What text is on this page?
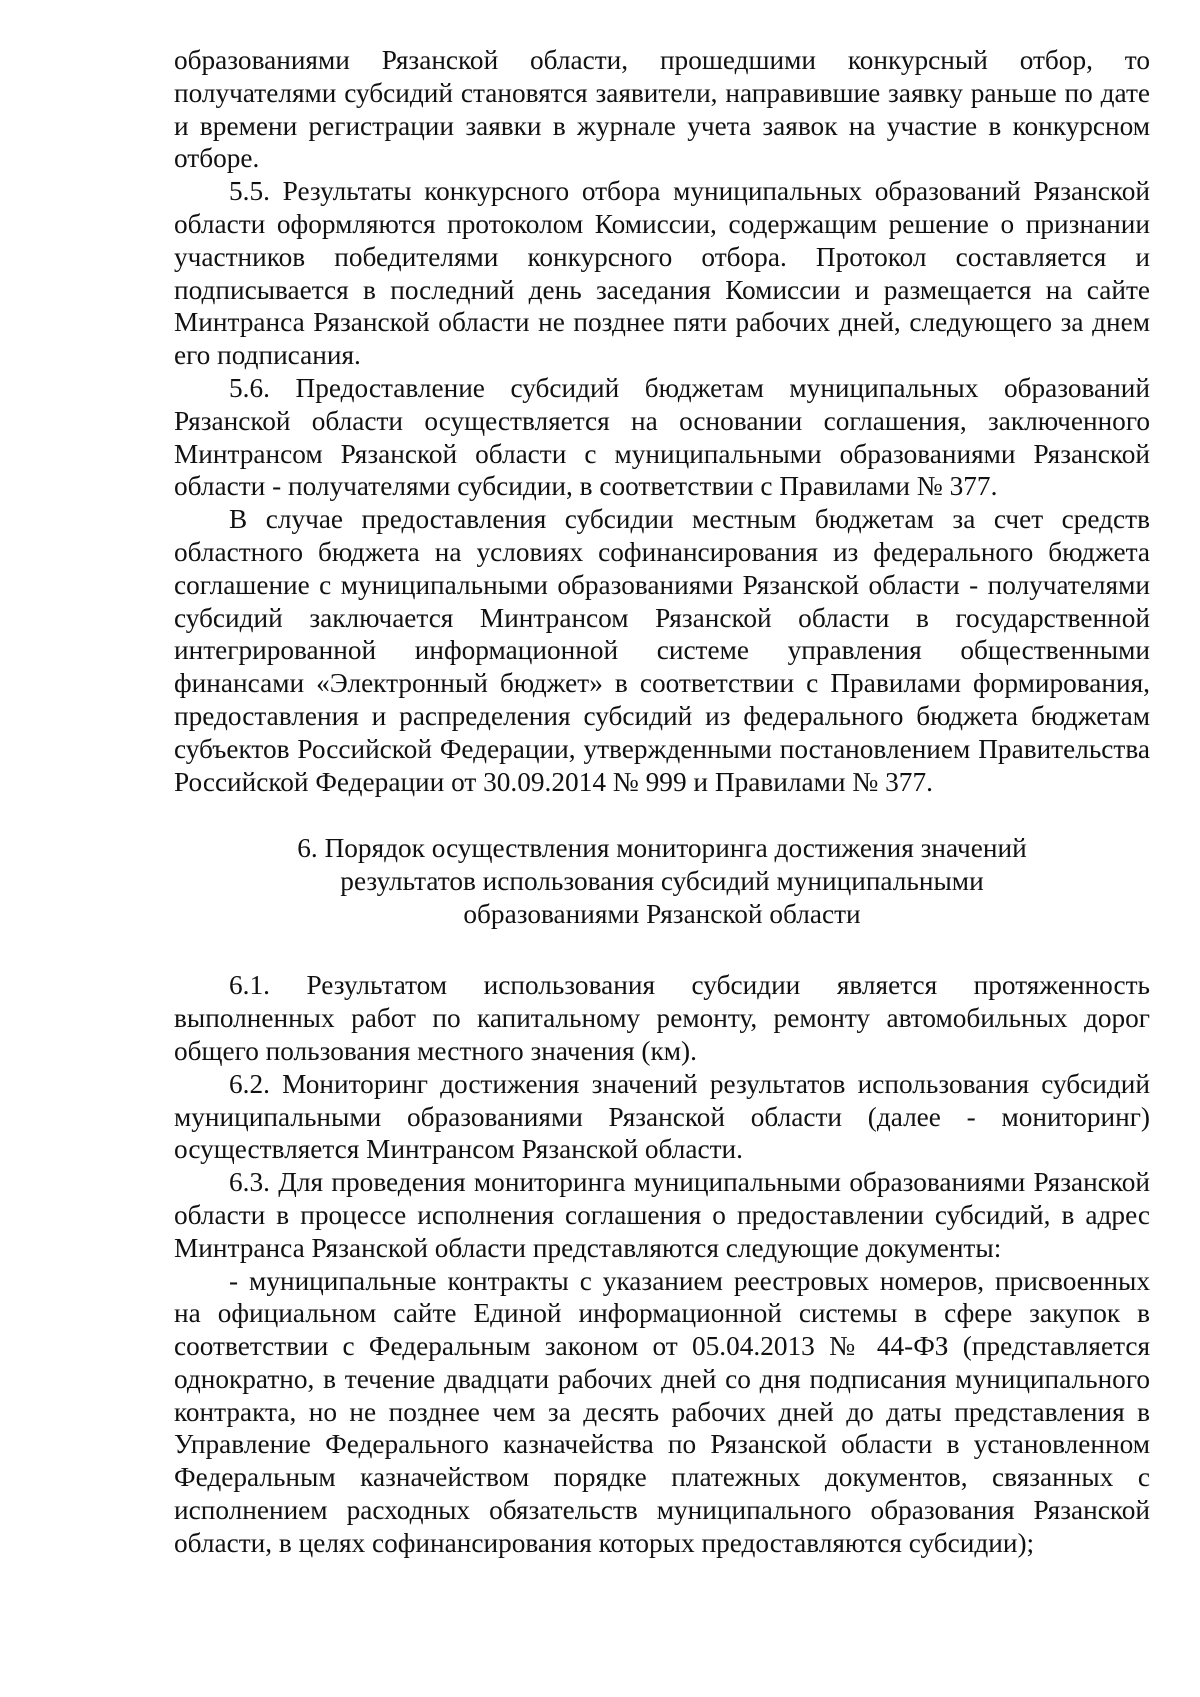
образованиями Рязанской области, прошедшими конкурсный отбор, то получателями субсидий становятся заявители, направившие заявку раньше по дате и времени регистрации заявки в журнале учета заявок на участие в конкурсном отборе.

5.5. Результаты конкурсного отбора муниципальных образований Рязанской области оформляются протоколом Комиссии, содержащим решение о признании участников победителями конкурсного отбора. Протокол составляется и подписывается в последний день заседания Комиссии и размещается на сайте Минтранса Рязанской области не позднее пяти рабочих дней, следующего за днем его подписания.

5.6. Предоставление субсидий бюджетам муниципальных образований Рязанской области осуществляется на основании соглашения, заключенного Минтрансом Рязанской области с муниципальными образованиями Рязанской области - получателями субсидии, в соответствии с Правилами № 377.

В случае предоставления субсидии местным бюджетам за счет средств областного бюджета на условиях софинансирования из федерального бюджета соглашение с муниципальными образованиями Рязанской области - получателями субсидий заключается Минтрансом Рязанской области в государственной интегрированной информационной системе управления общественными финансами «Электронный бюджет» в соответствии с Правилами формирования, предоставления и распределения субсидий из федерального бюджета бюджетам субъектов Российской Федерации, утвержденными постановлением Правительства Российской Федерации от 30.09.2014 № 999 и Правилами № 377.

6. Порядок осуществления мониторинга достижения значений
результатов использования субсидий муниципальными
образованиями Рязанской области

6.1. Результатом использования субсидии является протяженность выполненных работ по капитальному ремонту, ремонту автомобильных дорог общего пользования местного значения (км).

6.2. Мониторинг достижения значений результатов использования субсидий муниципальными образованиями Рязанской области (далее - мониторинг) осуществляется Минтрансом Рязанской области.

6.3. Для проведения мониторинга муниципальными образованиями Рязанской области в процессе исполнения соглашения о предоставлении субсидий, в адрес Минтранса Рязанской области представляются следующие документы:

- муниципальные контракты с указанием реестровых номеров, присвоенных на официальном сайте Единой информационной системы в сфере закупок в соответствии с Федеральным законом от 05.04.2013 № 44-ФЗ (представляется однократно, в течение двадцати рабочих дней со дня подписания муниципального контракта, но не позднее чем за десять рабочих дней до даты представления в Управление Федерального казначейства по Рязанской области в установленном Федеральным казначейством порядке платежных документов, связанных с исполнением расходных обязательств муниципального образования Рязанской области, в целях софинансирования которых предоставляются субсидии);
